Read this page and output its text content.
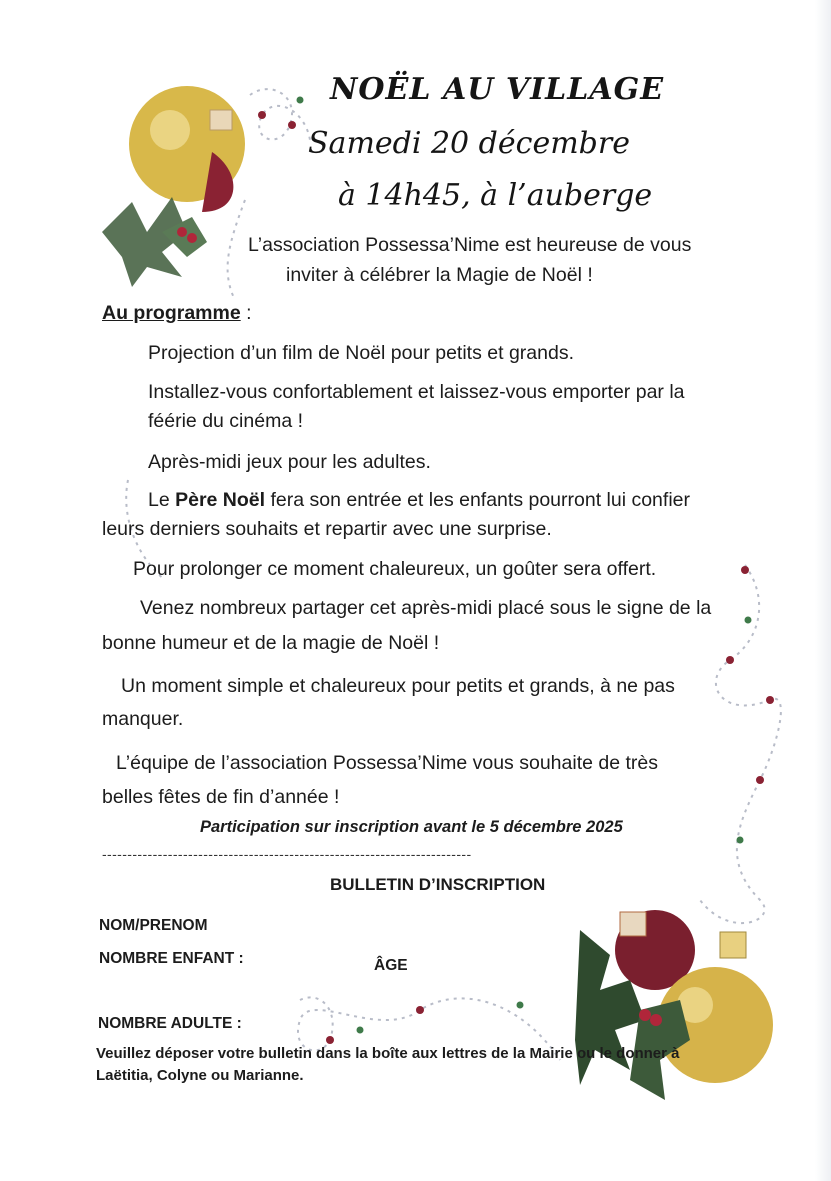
NOËL AU VILLAGE
Samedi 20 décembre
à 14h45, à l’auberge
L’association Possessa’Nime est heureuse de vous
inviter à célébrer la Magie de Noël !
Au programme :
Projection d’un film de Noël pour petits et grands.
Installez-vous confortablement et laissez-vous emporter par la
féérie du cinéma !
Après-midi jeux pour les adultes.
Le Père Noël fera son entrée et les enfants pourront lui confier
leurs derniers souhaits et repartir avec une surprise.
Pour prolonger ce moment chaleureux, un goûter sera offert.
Venez nombreux partager cet après-midi placé sous le signe de la
bonne humeur et de la magie de Noël !
Un moment simple et chaleureux pour petits et grands, à ne pas
manquer.
L’équipe de l’association Possessa’Nime vous souhaite de très
belles fêtes de fin d’année !
Participation sur inscription avant le 5 décembre 2025
-------------------------------------------------------------------------
BULLETIN D’INSCRIPTION
NOM/PRENOM
NOMBRE ENFANT :	ÂGE
NOMBRE ADULTE :
Veuillez déposer votre bulletin dans la boîte aux lettres de la Mairie ou le donner à
Laëtitia, Colyne ou Marianne.
